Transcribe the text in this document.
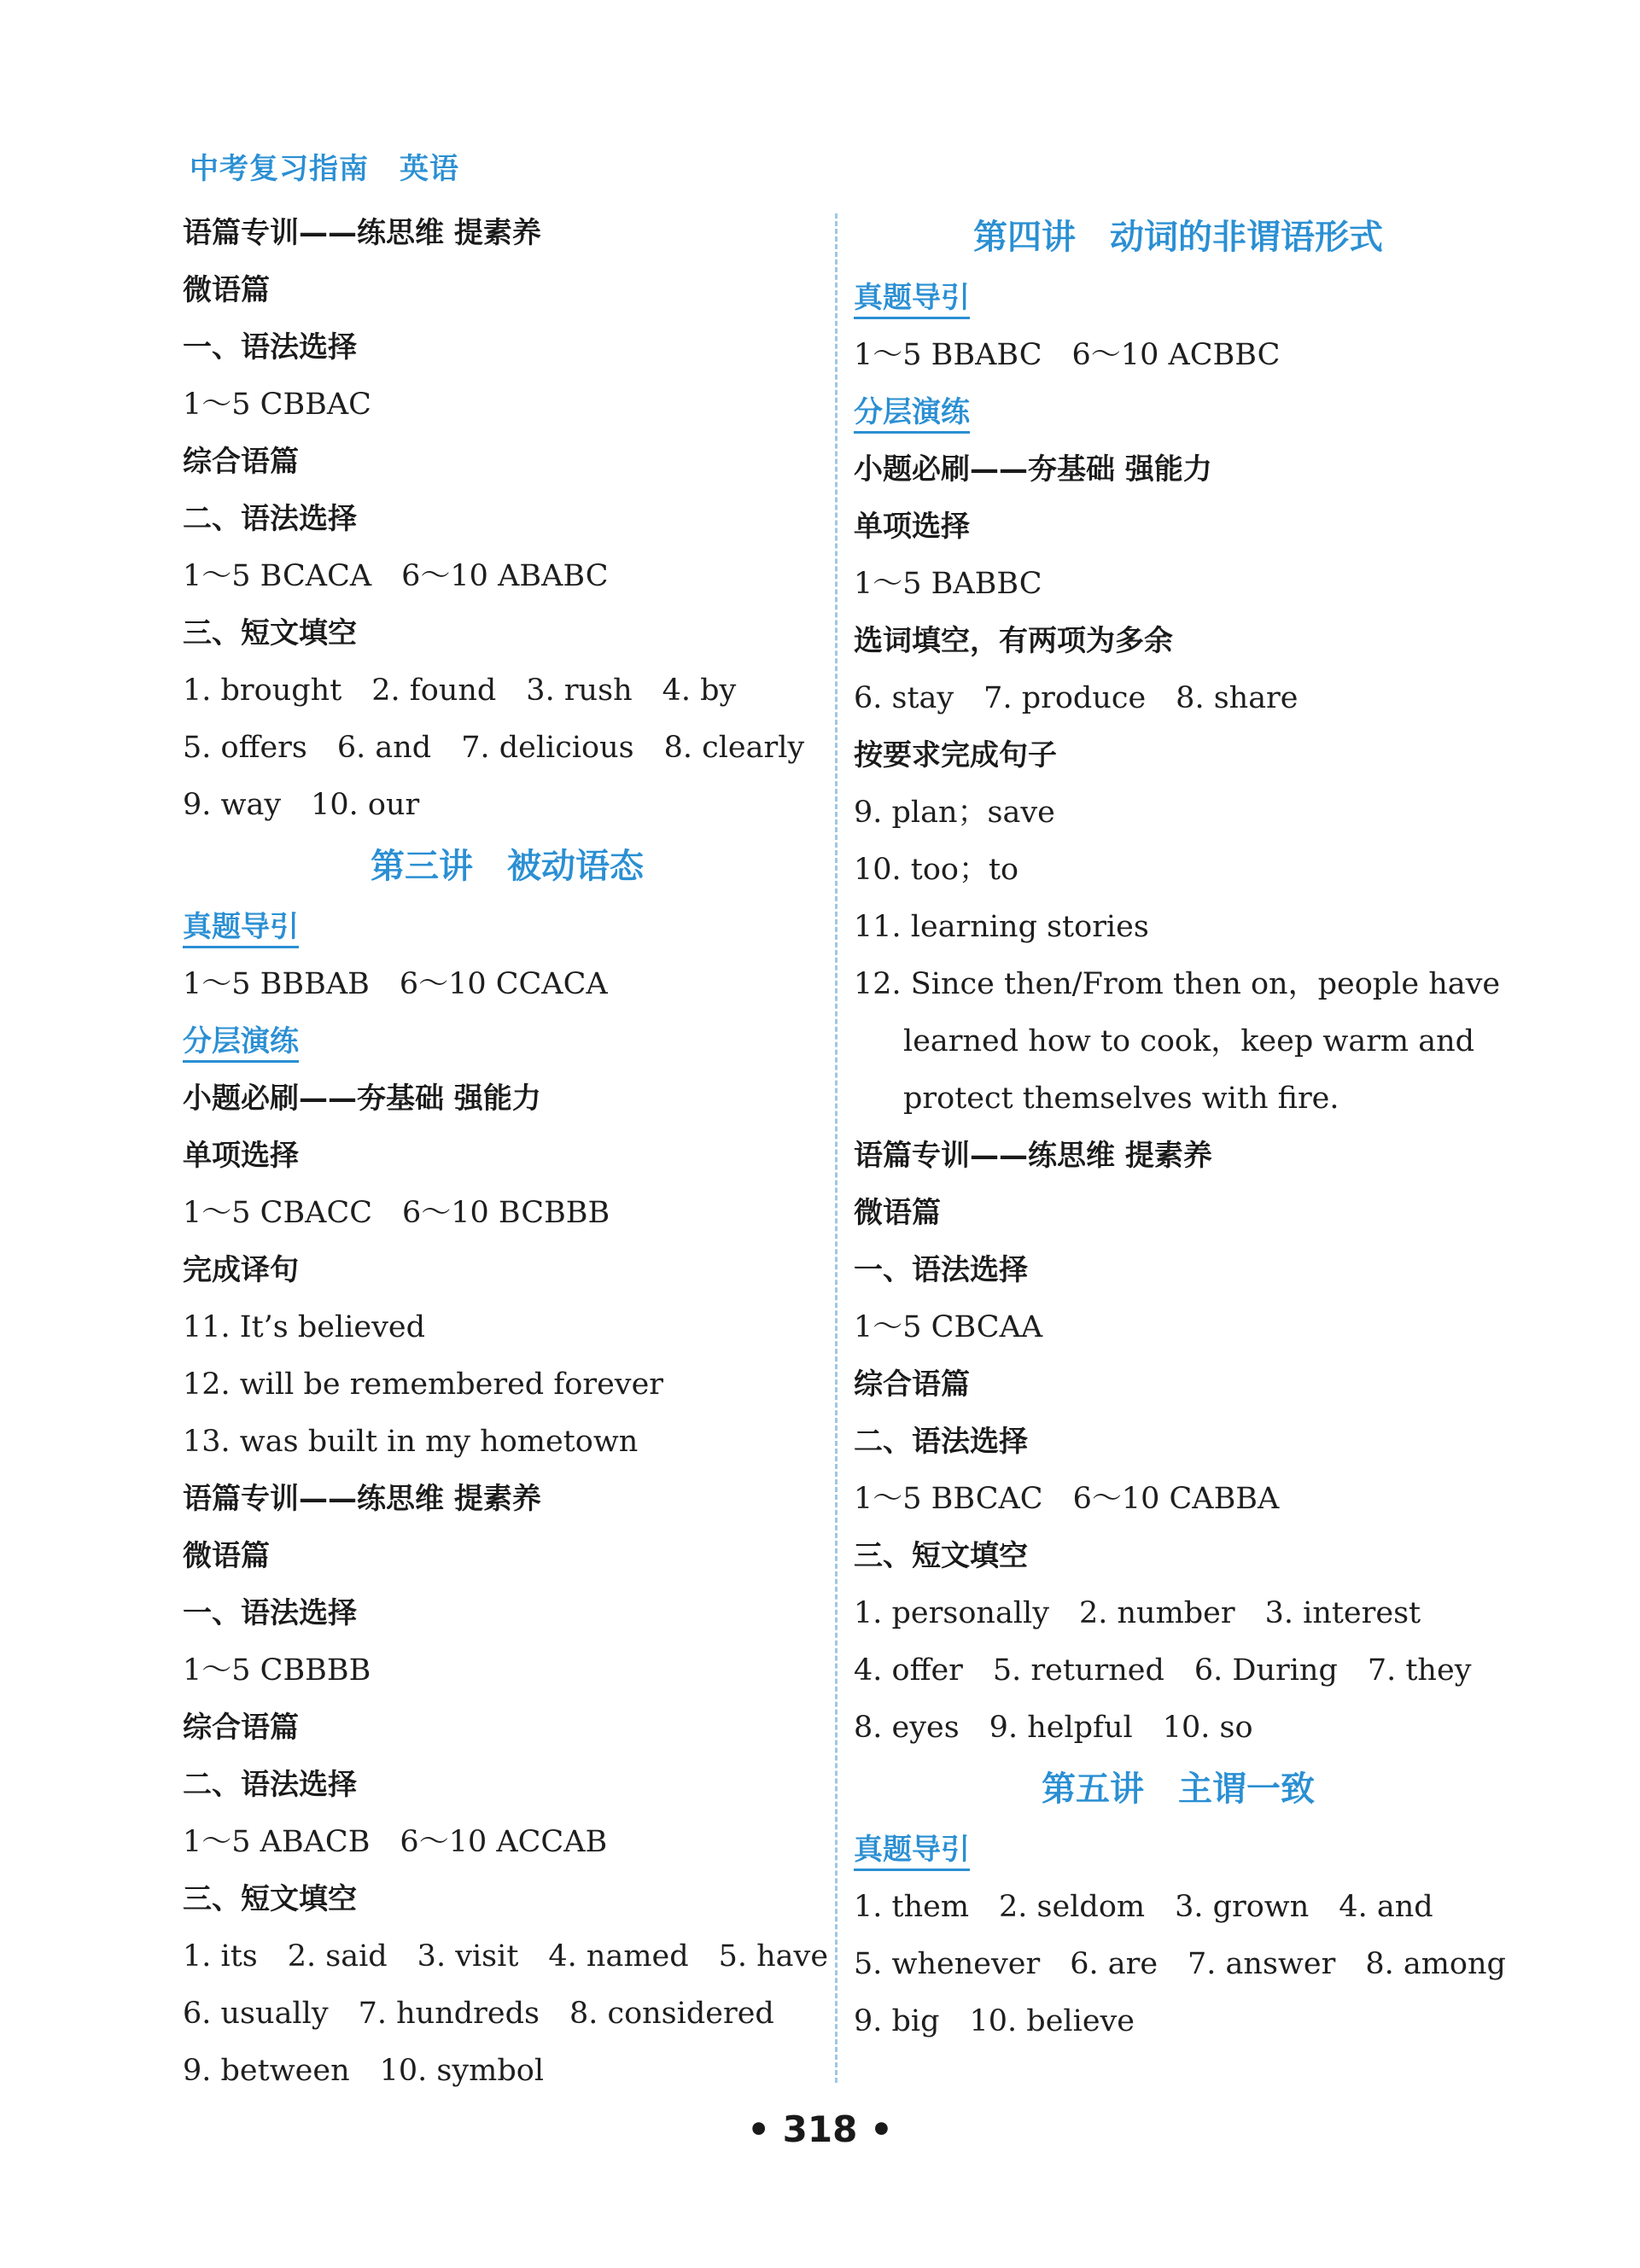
中考复习指南 英语
语篇专训——练思维 提素养
微语篇
一、语法选择
1～5 CBBAC
综合语篇
二、语法选择
1～5 BCACA　6～10 ABABC
三、短文填空
1. brought　2. found　3. rush　4. by
5. offers　6. and　7. delicious　8. clearly
9. way　10. our
第三讲　被动语态
真题导引
1～5 BBBAB　6～10 CCACA
分层演练
小题必刷——夯基础 强能力
单项选择
1～5 CBACC　6～10 BCBBB
完成译句
11. It’s believed
12. will be remembered forever
13. was built in my hometown
语篇专训——练思维 提素养
微语篇
一、语法选择
1～5 CBBBB
综合语篇
二、语法选择
1～5 ABACB　6～10 ACCAB
三、短文填空
1. its　2. said　3. visit　4. named　5. have
6. usually　7. hundreds　8. considered
9. between　10. symbol
第四讲　动词的非谓语形式
真题导引
1～5 BBABC　6～10 ACBBC
分层演练
小题必刷——夯基础 强能力
单项选择
1～5 BABBC
选词填空，有两项为多余
6. stay　7. produce　8. share
按要求完成句子
9. plan；save
10. too；to
11. learning stories
12. Since then/From then on，people have
learned how to cook，keep warm and
protect themselves with fire.
语篇专训——练思维 提素养
微语篇
一、语法选择
1～5 CBCAA
综合语篇
二、语法选择
1～5 BBCAC　6～10 CABBA
三、短文填空
1. personally　2. number　3. interest
4. offer　5. returned　6. During　7. they
8. eyes　9. helpful　10. so
第五讲　主谓一致
真题导引
1. them　2. seldom　3. grown　4. and
5. whenever　6. are　7. answer　8. among
9. big　10. believe
• 318 •
